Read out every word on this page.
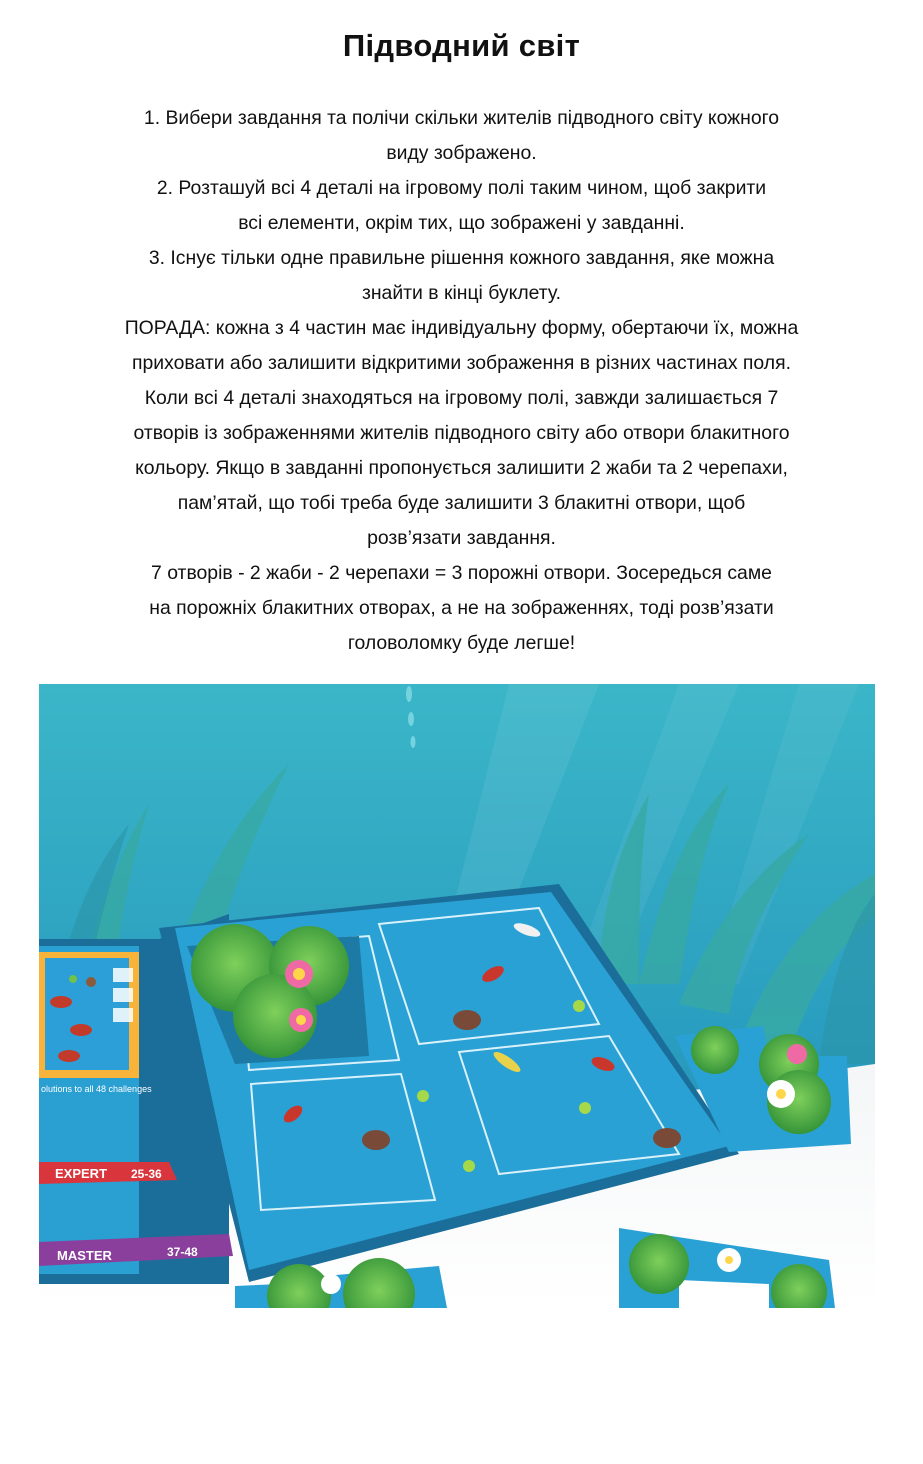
Підводний світ
1. Вибери завдання та полічи скільки жителів підводного світу кожного
виду зображено.
2. Розташуй всі 4 деталі на ігровому полі таким чином, щоб закрити
всі елементи, окрім тих, що зображені у завданні.
3. Існує тільки одне правильне рішення кожного завдання, яке можна
знайти в кінці буклету.
ПОРАДА: кожна з 4 частин має індивідуальну форму, обертаючи їх, можна
приховати або залишити відкритими зображення в різних частинах поля.
Коли всі 4 деталі знаходяться на ігровому полі, завжди залишається 7
отворів із зображеннями жителів підводного світу або отвори блакитного
кольору. Якщо в завданні пропонується залишити 2 жаби та 2 черепахи,
пам’ятай, що тобі треба буде залишити 3 блакитні отвори, щоб
розв’язати завдання.
7 отворів - 2 жаби - 2 черепахи = 3 порожні отвори. Зосередься саме
на порожніх блакитних отворах, а не на зображеннях, тоді розв’язати
головоломку буде легше!
olutions to all 48 challenges
EXPERT 25-36
MASTER	37-48
